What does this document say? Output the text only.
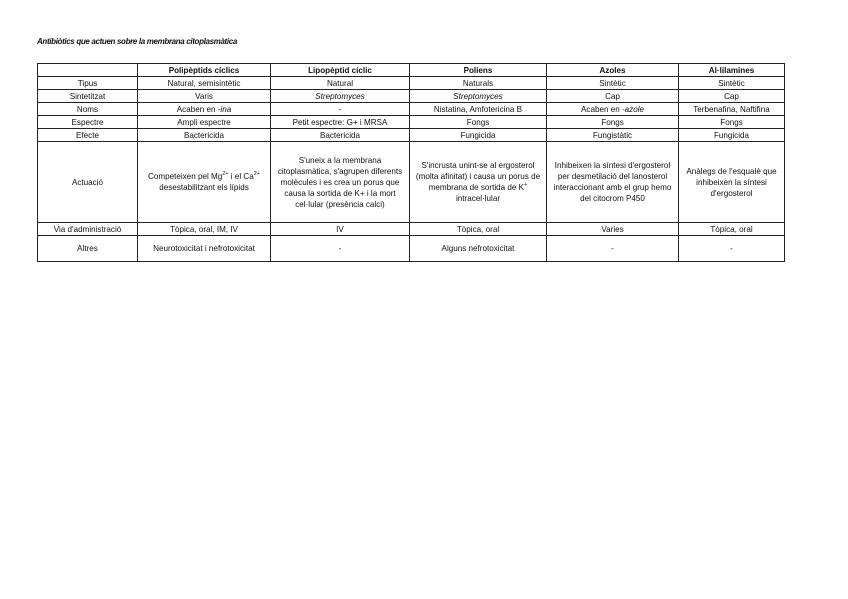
Antibiòtics que actuen sobre la membrana citoplasmàtica
	Polipèptids cíclics	Lipopèptid cíclic	Poliens	Azoles	Al·lilamines
Tipus	Natural, semisintètic	Natural	Naturals	Sintètic	Sintètic
Sintetitzat	Varis	Streptomyces	Streptomyces	Cap	Cap
Noms	Acaben en -ina	-	Nistatina, Amfotericina B	Acaben en -azole	Terbenafina, Naftifina
Espectre	Ampli espectre	Petit espectre: G+ i MRSA	Fongs	Fongs	Fongs
Efecte	Bactericida	Bactericida	Fungicida	Fungistàtic	Fungicida
Actuació	Competeixen pel $Mg^{2+}$ i el $Ca^{2+}$ desestabilitzant els lípids	S'uneix a la membrana citoplasmàtica, s'agrupen diferents molècules i es crea un porus que causa la sortida de K+ i la mort cel·lular (presència calci)	S'incrusta unint-se al ergosterol (molta afinitat) i causa un porus de membrana de sortida de K+ intracel·lular	Inhibeixen la síntesi d'ergosterol per desmetilació del lanosterol interaccionant amb el grup hemo del citocrom P450	Anàlegs de l'esqualè que inhibeixen la síntesi d'ergosterol
Via d'administració	Tòpica, oral, IM, IV	IV	Tòpica, oral	Varies	Tòpica, oral
Altres	Neurotoxicitat i nefrotoxicitat	-	Alguns nefrotoxicitat	-	-
